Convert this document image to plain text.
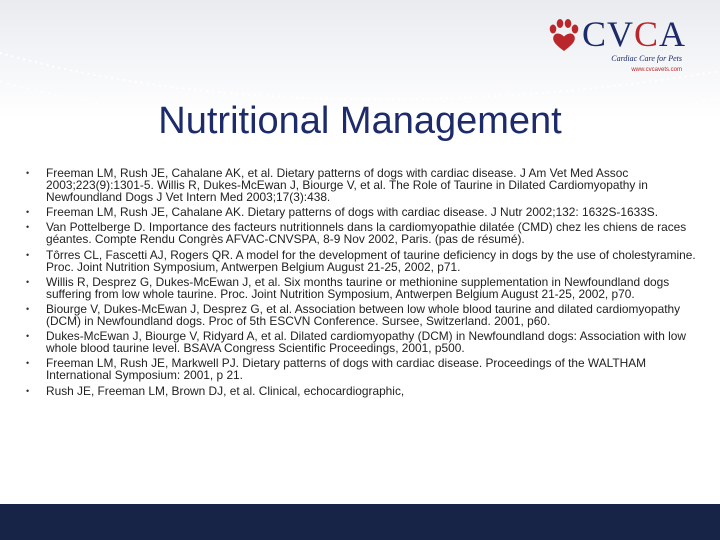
CVCA
Cardiac Care for Pets
www.cvcavets.com
Nutritional Management
• Freeman LM, Rush JE, Cahalane AK, et al. Dietary patterns of dogs with cardiac disease. J Am Vet Med Assoc 2003;223(9):1301-5. Willis R, Dukes-McEwan J, Biourge V, et al. The Role of Taurine in Dilated Cardiomyopathy in Newfoundland Dogs J Vet Intern Med 2003;17(3):438.
• Freeman LM, Rush JE, Cahalane AK. Dietary patterns of dogs with cardiac disease. J Nutr 2002;132: 1632S-1633S.
• Van Pottelberge D. Importance des facteurs nutritionnels dans la cardiomyopathie dilatée (CMD) chez les chiens de races géantes. Compte Rendu Congrès AFVAC-CNVSPA, 8-9 Nov 2002, Paris. (pas de résumé).
• Tôrres CL, Fascetti AJ, Rogers QR. A model for the development of taurine deficiency in dogs by the use of cholestyramine. Proc. Joint Nutrition Symposium, Antwerpen Belgium August 21-25, 2002, p71.
• Willis R, Desprez G, Dukes-McEwan J, et al. Six months taurine or methionine supplementation in Newfoundland dogs suffering from low whole taurine. Proc. Joint Nutrition Symposium, Antwerpen Belgium August 21-25, 2002, p70.
• Biourge V, Dukes-McEwan J, Desprez G, et al. Association between low whole blood taurine and dilated cardiomyopathy (DCM) in Newfoundland dogs. Proc of 5th ESCVN Conference. Sursee, Switzerland. 2001, p60.
• Dukes-McEwan J, Biourge V, Ridyard A, et al. Dilated cardiomyopathy (DCM) in Newfoundland dogs: Association with low whole blood taurine level. BSAVA Congress Scientific Proceedings, 2001, p500.
• Freeman LM, Rush JE, Markwell PJ. Dietary patterns of dogs with cardiac disease. Proceedings of the WALTHAM International Symposium: 2001, p 21.
• Rush JE, Freeman LM, Brown DJ, et al. Clinical, echocardiographic,
